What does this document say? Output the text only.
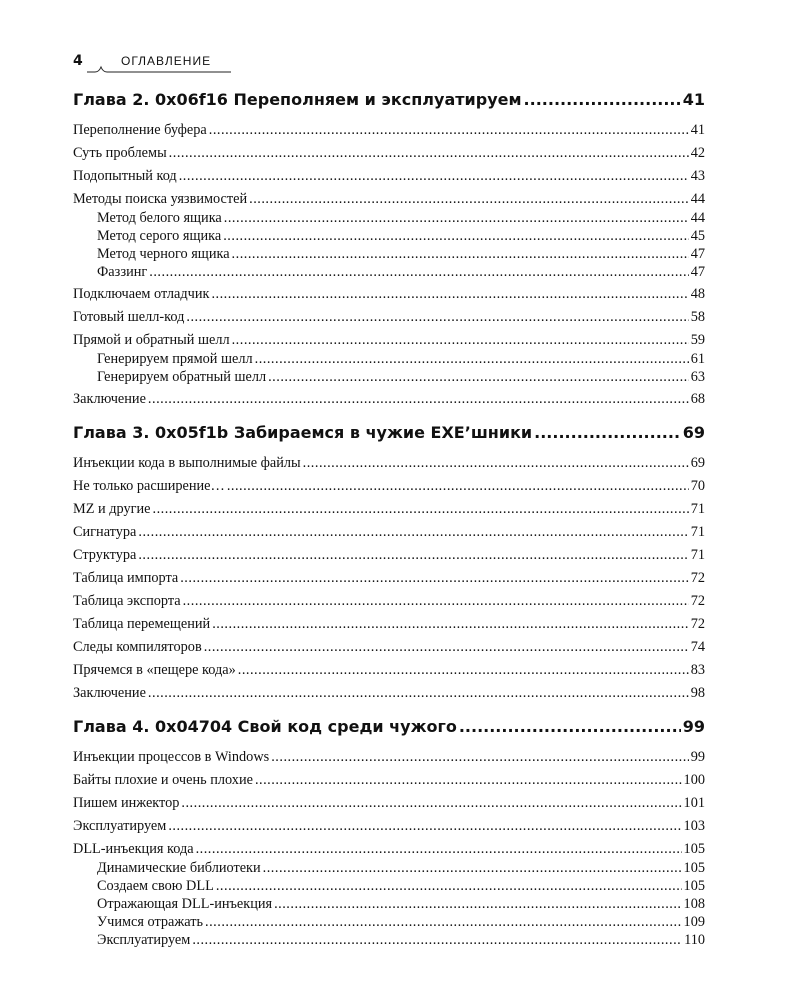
4	ОГЛАВЛЕНИЕ
Глава 2. 0x06f16 Переполняем и эксплуатируем .....	41
Переполнение буфера .....	41
Суть проблемы .....	42
Подопытный код .....	43
Методы поиска уязвимостей .....	44
Метод белого ящика .....	44
Метод серого ящика .....	45
Метод черного ящика .....	47
Фаззинг .....	47
Подключаем отладчик .....	48
Готовый шелл-код .....	58
Прямой и обратный шелл .....	59
Генерируем прямой шелл .....	61
Генерируем обратный шелл .....	63
Заключение .....	68
Глава 3. 0x05f1b Забираемся в чужие EXE’шники .....	69
Инъекции кода в выполнимые файлы .....	69
Не только расширение… .....	70
MZ и другие .....	71
Сигнатура .....	71
Структура .....	71
Таблица импорта .....	72
Таблица экспорта .....	72
Таблица перемещений .....	72
Следы компиляторов .....	74
Прячемся в «пещере кода» .....	83
Заключение .....	98
Глава 4. 0x04704 Свой код среди чужого .....	99
Инъекции процессов в Windows .....	99
Байты плохие и очень плохие .....	100
Пишем инжектор .....	101
Эксплуатируем .....	103
DLL-инъекция кода .....	105
Динамические библиотеки .....	105
Создаем свою DLL .....	105
Отражающая DLL-инъекция .....	108
Учимся отражать .....	109
Эксплуатируем .....	110
